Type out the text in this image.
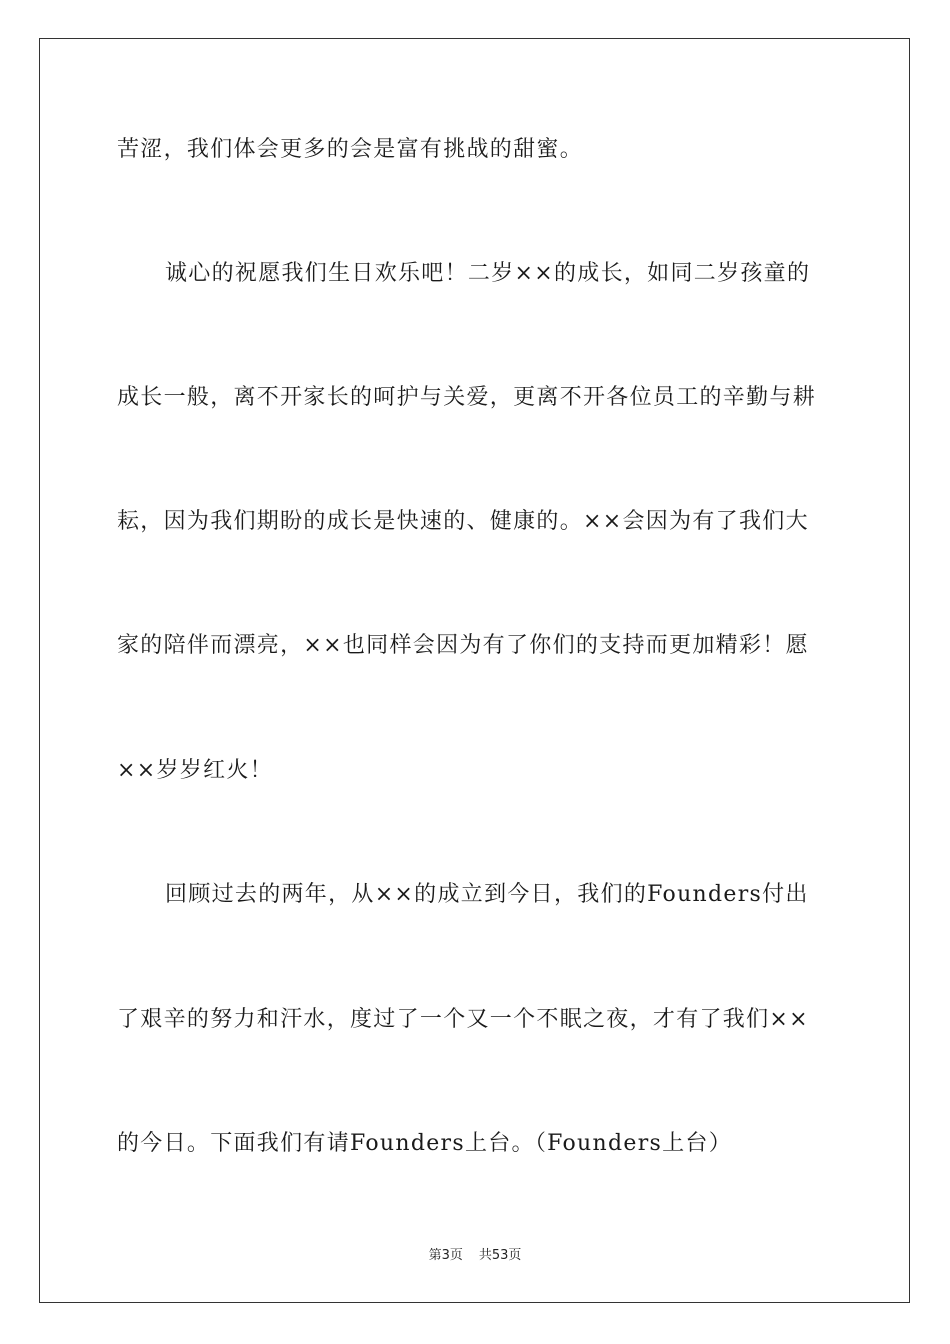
苦涩，我们体会更多的会是富有挑战的甜蜜。
诚心的祝愿我们生日欢乐吧！二岁××的成长，如同二岁孩童的
成长一般，离不开家长的呵护与关爱，更离不开各位员工的辛勤与耕
耘，因为我们期盼的成长是快速的、健康的。××会因为有了我们大
家的陪伴而漂亮，××也同样会因为有了你们的支持而更加精彩！愿
××岁岁红火！
回顾过去的两年，从××的成立到今日，我们的Founders付出
了艰辛的努力和汗水，度过了一个又一个不眠之夜，才有了我们××
的今日。下面我们有请Founders上台。（Founders上台）
第3页 共53页
